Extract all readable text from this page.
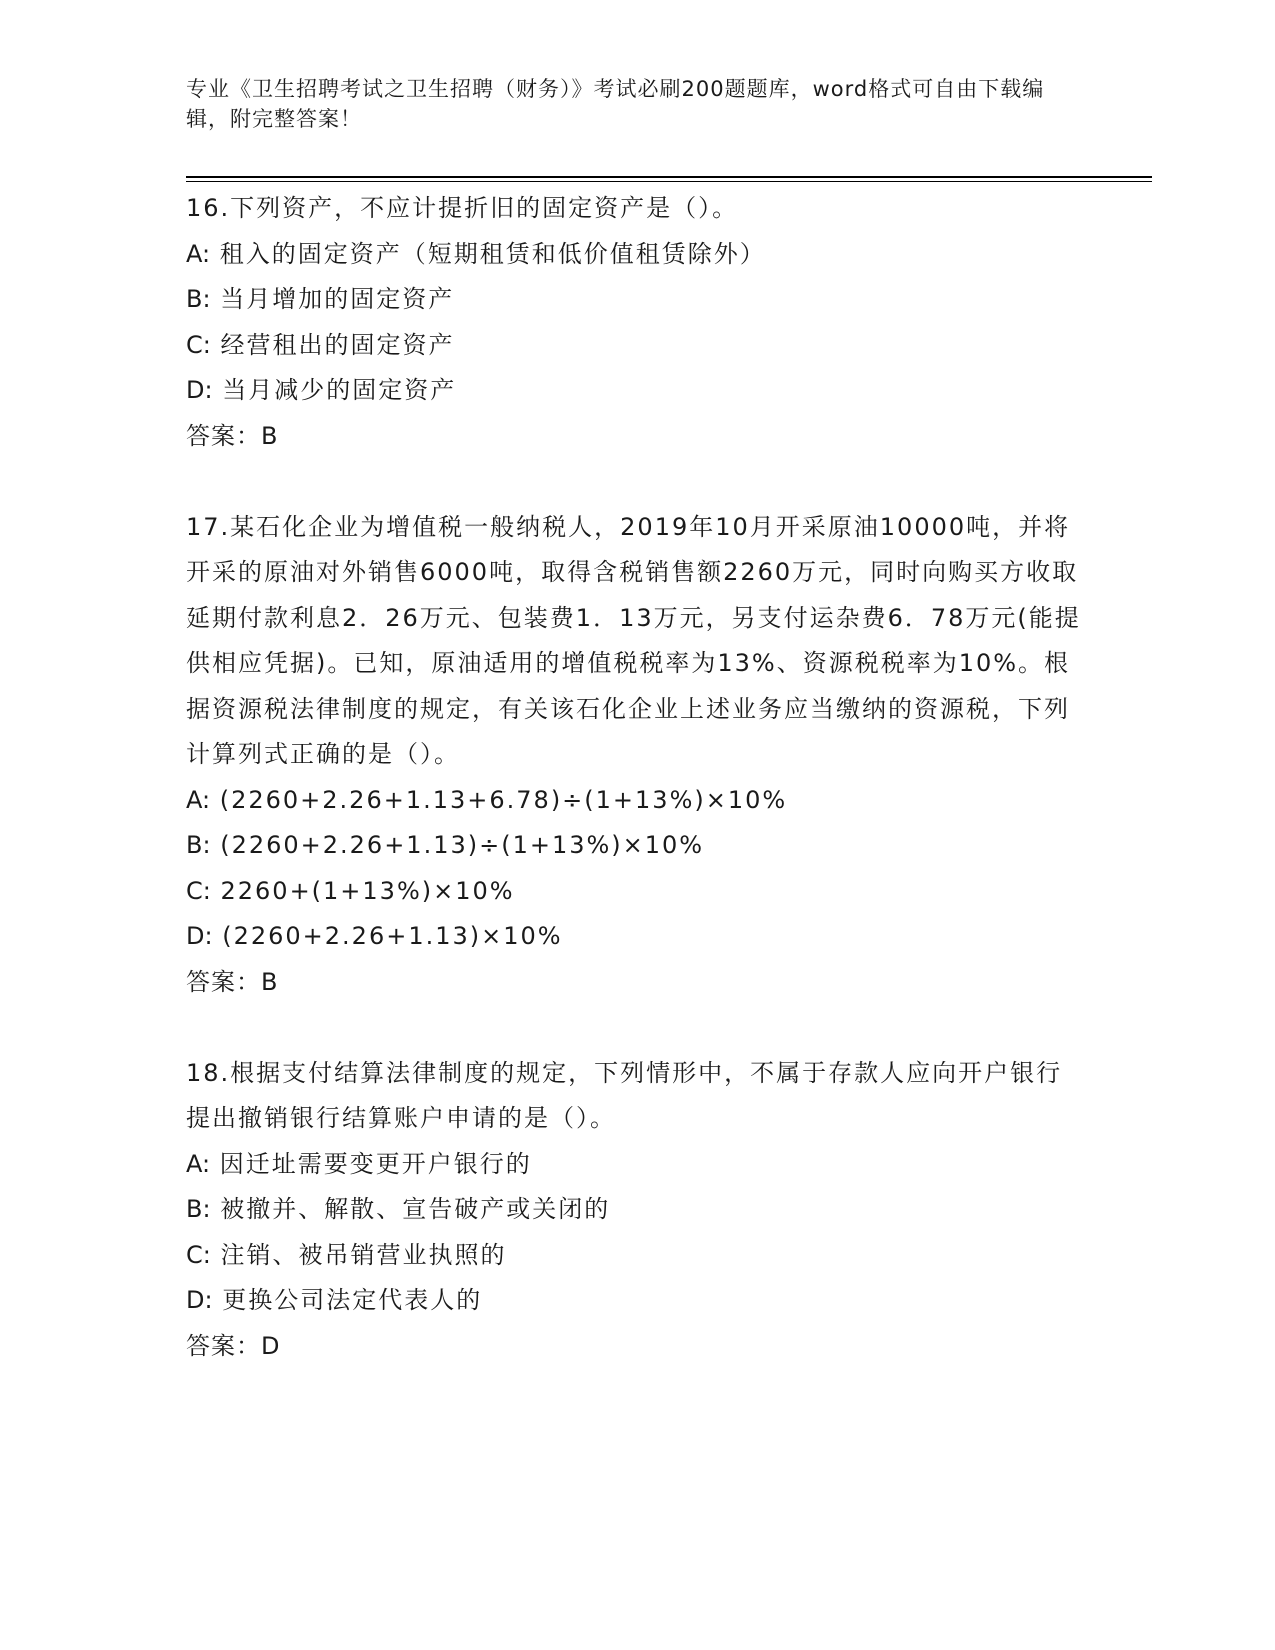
专业《卫生招聘考试之卫生招聘（财务）》考试必刷200题题库，word格式可自由下载编辑，附完整答案！
16.下列资产，不应计提折旧的固定资产是（）。
A: 租入的固定资产（短期租赁和低价值租赁除外）
B: 当月增加的固定资产
C: 经营租出的固定资产
D: 当月减少的固定资产
答案：B
17.某石化企业为增值税一般纳税人，2019年10月开采原油10000吨，并将开采的原油对外销售6000吨，取得含税销售额2260万元，同时向购买方收取延期付款利息2．26万元、包装费1．13万元，另支付运杂费6．78万元(能提供相应凭据)。已知，原油适用的增值税税率为13%、资源税税率为10%。根据资源税法律制度的规定，有关该石化企业上述业务应当缴纳的资源税，下列计算列式正确的是（）。
A: (2260+2.26+1.13+6.78)÷(1+13%)×10%
B: (2260+2.26+1.13)÷(1+13%)×10%
C: 2260+(1+13%)×10%
D: (2260+2.26+1.13)×10%
答案：B
18.根据支付结算法律制度的规定，下列情形中，不属于存款人应向开户银行提出撤销银行结算账户申请的是（）。
A: 因迁址需要变更开户银行的
B: 被撤并、解散、宣告破产或关闭的
C: 注销、被吊销营业执照的
D: 更换公司法定代表人的
答案：D
